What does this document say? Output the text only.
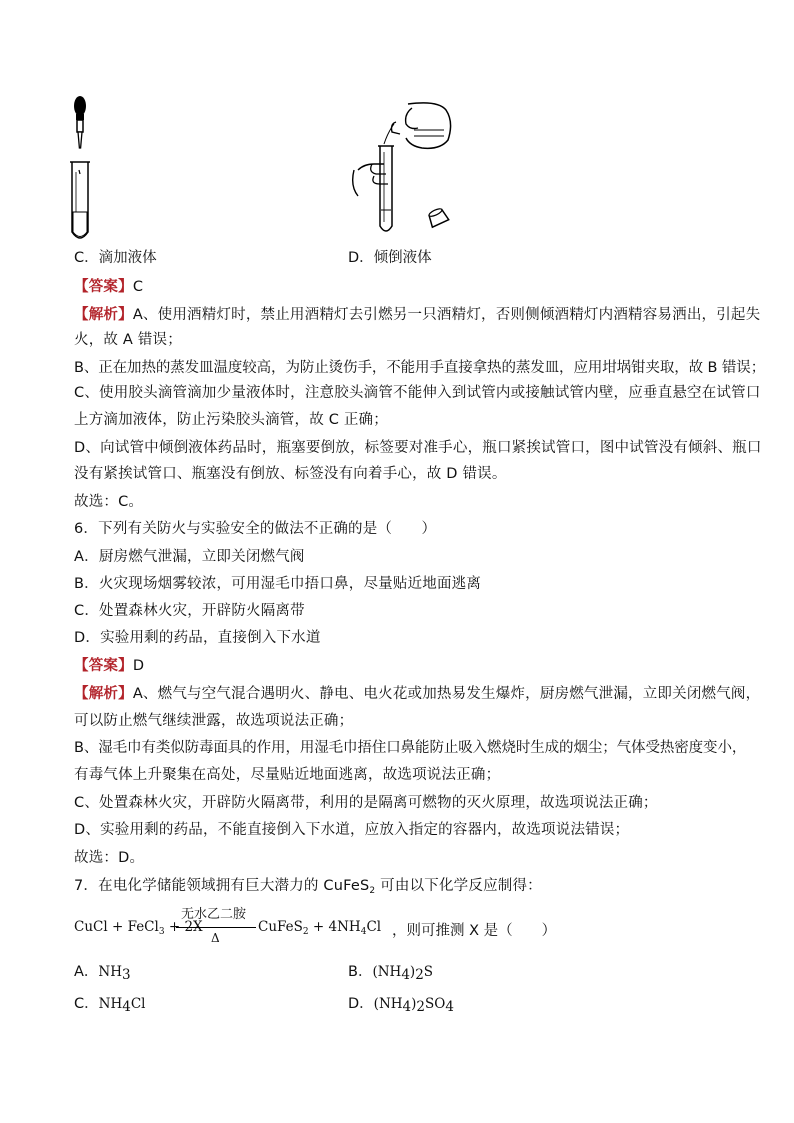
C．滴加液体	D．倾倒液体
【答案】C
【解析】A、使用酒精灯时，禁止用酒精灯去引燃另一只酒精灯，否则侧倾酒精灯内酒精容易洒出，引起失
火，故 A 错误；
B、正在加热的蒸发皿温度较高，为防止烫伤手，不能用手直接拿热的蒸发皿，应用坩埚钳夹取，故 B 错误；
C、使用胶头滴管滴加少量液体时，注意胶头滴管不能伸入到试管内或接触试管内壁，应垂直悬空在试管口
上方滴加液体，防止污染胶头滴管，故 C 正确；
D、向试管中倾倒液体药品时，瓶塞要倒放，标签要对准手心，瓶口紧挨试管口，图中试管没有倾斜、瓶口
没有紧挨试管口、瓶塞没有倒放、标签没有向着手心，故 D 错误。
故选：C。
6．下列有关防火与实验安全的做法不正确的是（　　）
A．厨房燃气泄漏，立即关闭燃气阀
B．火灾现场烟雾较浓，可用湿毛巾捂口鼻，尽量贴近地面逃离
C．处置森林火灾，开辟防火隔离带
D．实验用剩的药品，直接倒入下水道
【答案】D
【解析】A、燃气与空气混合遇明火、静电、电火花或加热易发生爆炸，厨房燃气泄漏，立即关闭燃气阀，
可以防止燃气继续泄露，故选项说法正确；
B、湿毛巾有类似防毒面具的作用，用湿毛巾捂住口鼻能防止吸入燃烧时生成的烟尘；气体受热密度变小，
有毒气体上升聚集在高处，尽量贴近地面逃离，故选项说法正确；
C、处置森林火灾，开辟防火隔离带，利用的是隔离可燃物的灭火原理，故选项说法正确；
D、实验用剩的药品，不能直接倒入下水道，应放入指定的容器内，故选项说法错误；
故选：D。
7．在电化学储能领域拥有巨大潜力的 CuFeS$_2$ 可由以下化学反应制得：
CuCl + FeCl$_3$ + 2X
无水乙二胺
Δ
CuFeS$_2$ + $4NH_4Cl$ ，则可推测 X 是（　　）
A．$NH_3$	B．$(NH_4)_2S$
C．$NH_4Cl$	D．$(NH_4)_2SO_4$
